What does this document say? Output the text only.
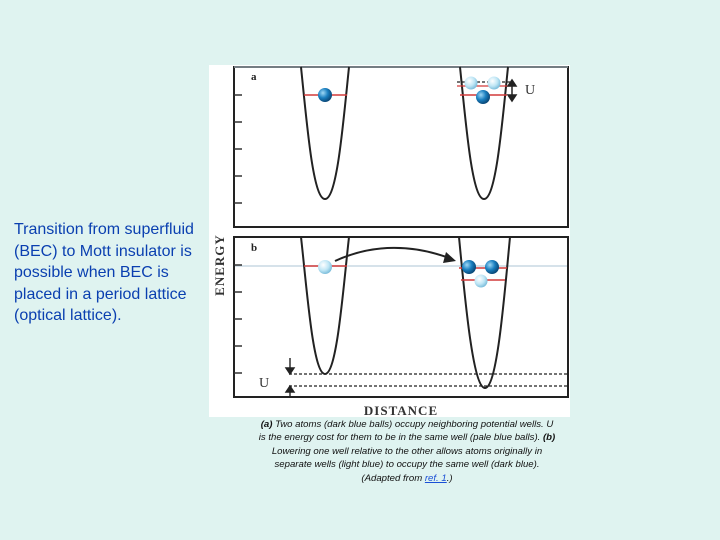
Transition from superfluid (BEC) to Mott insulator is possible when BEC is placed in a period lattice (optical lattice).
ENERGY
a
U
b
U
DISTANCE
(a) Two atoms (dark blue balls) occupy neighboring potential wells. U is the energy cost for them to be in the same well (pale blue balls). (b) Lowering one well relative to the other allows atoms originally in separate wells (light blue) to occupy the same well (dark blue). (Adapted from ref. 1.)
